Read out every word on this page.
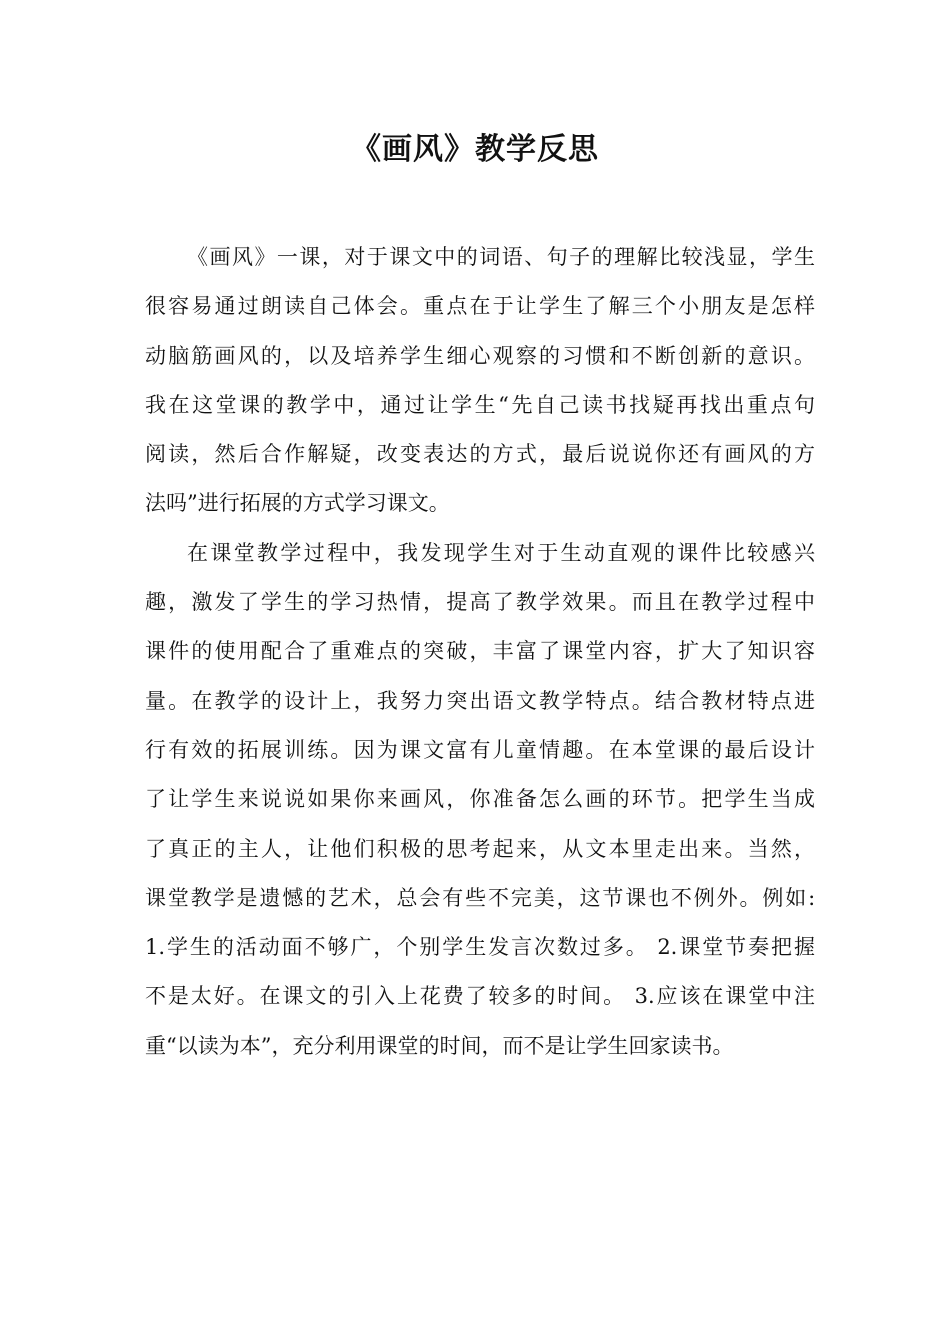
《画风》教学反思
《画风》一课，对于课文中的词语、句子的理解比较浅显，学生
很容易通过朗读自己体会。重点在于让学生了解三个小朋友是怎样
动脑筋画风的，以及培养学生细心观察的习惯和不断创新的意识。
我在这堂课的教学中，通过让学生“先自己读书找疑再找出重点句
阅读，然后合作解疑，改变表达的方式，最后说说你还有画风的方
法吗”进行拓展的方式学习课文。
在课堂教学过程中，我发现学生对于生动直观的课件比较感兴
趣，激发了学生的学习热情，提高了教学效果。而且在教学过程中
课件的使用配合了重难点的突破，丰富了课堂内容，扩大了知识容
量。在教学的设计上，我努力突出语文教学特点。结合教材特点进
行有效的拓展训练。因为课文富有儿童情趣。在本堂课的最后设计
了让学生来说说如果你来画风，你准备怎么画的环节。把学生当成
了真正的主人，让他们积极的思考起来，从文本里走出来。当然，
课堂教学是遗憾的艺术，总会有些不完美，这节课也不例外。例如:
1.学生的活动面不够广，个别学生发言次数过多。 2.课堂节奏把握
不是太好。在课文的引入上花费了较多的时间。 3.应该在课堂中注
重“以读为本”，充分利用课堂的时间，而不是让学生回家读书。
